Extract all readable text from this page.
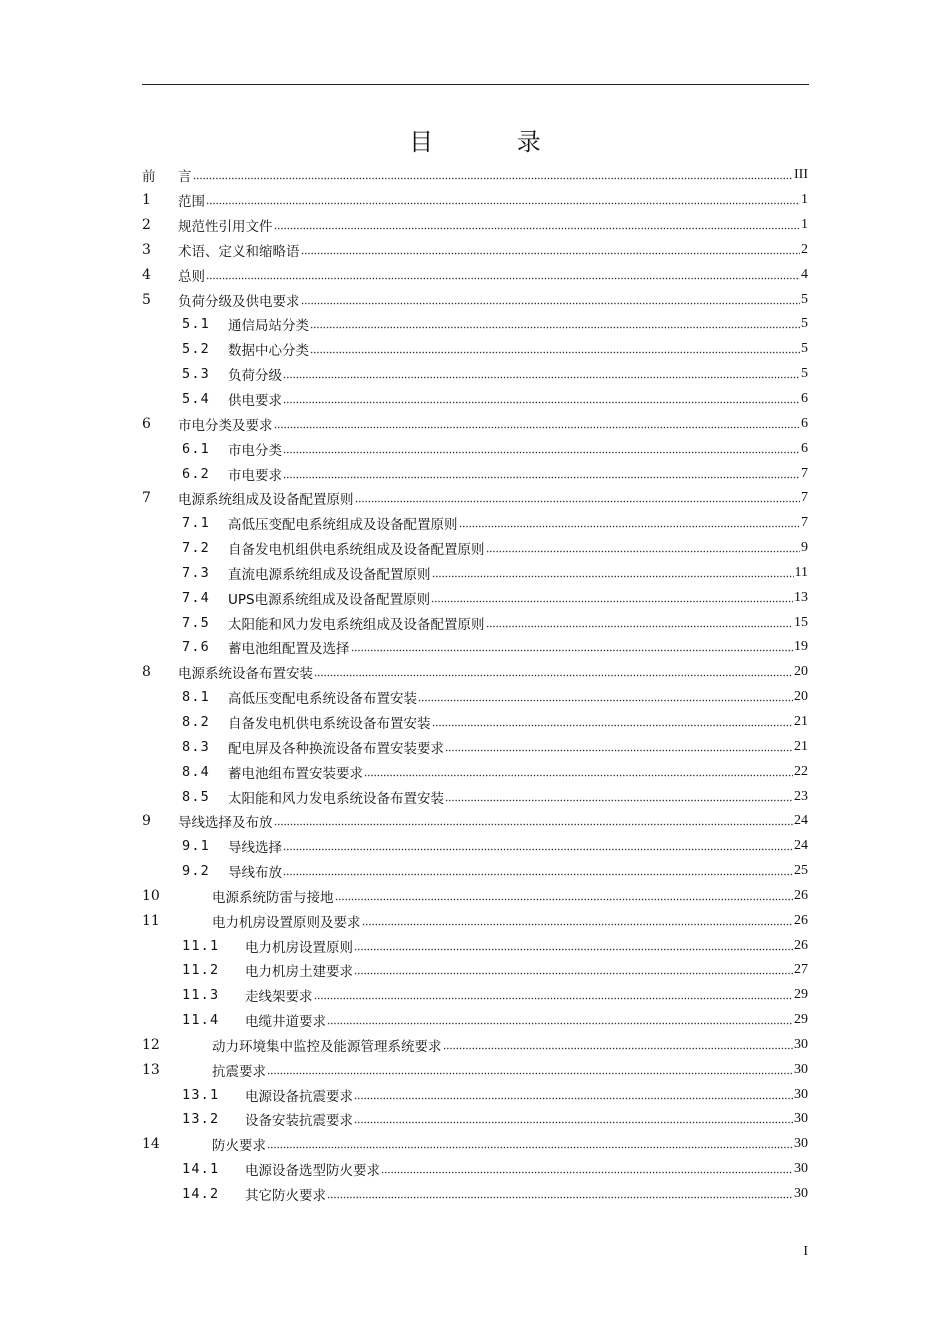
目 录
前	言	III
1	范围	1
2	规范性引用文件	1
3	术语、定义和缩略语	2
4	总则	4
5	负荷分级及供电要求	5
5.1	通信局站分类	5
5.2	数据中心分类	5
5.3	负荷分级	5
5.4	供电要求	6
6	市电分类及要求	6
6.1	市电分类	6
6.2	市电要求	7
7	电源系统组成及设备配置原则	7
7.1	高低压变配电系统组成及设备配置原则	7
7.2	自备发电机组供电系统组成及设备配置原则	9
7.3	直流电源系统组成及设备配置原则	11
7.4	UPS电源系统组成及设备配置原则	13
7.5	太阳能和风力发电系统组成及设备配置原则	15
7.6	蓄电池组配置及选择	19
8	电源系统设备布置安装	20
8.1	高低压变配电系统设备布置安装	20
8.2	自备发电机供电系统设备布置安装	21
8.3	配电屏及各种换流设备布置安装要求	21
8.4	蓄电池组布置安装要求	22
8.5	太阳能和风力发电系统设备布置安装	23
9	导线选择及布放	24
9.1	导线选择	24
9.2	导线布放	25
10	电源系统防雷与接地	26
11	电力机房设置原则及要求	26
11.1	电力机房设置原则	26
11.2	电力机房土建要求	27
11.3	走线架要求	29
11.4	电缆井道要求	29
12	动力环境集中监控及能源管理系统要求	30
13	抗震要求	30
13.1	电源设备抗震要求	30
13.2	设备安装抗震要求	30
14	防火要求	30
14.1	电源设备选型防火要求	30
14.2	其它防火要求	30
I
